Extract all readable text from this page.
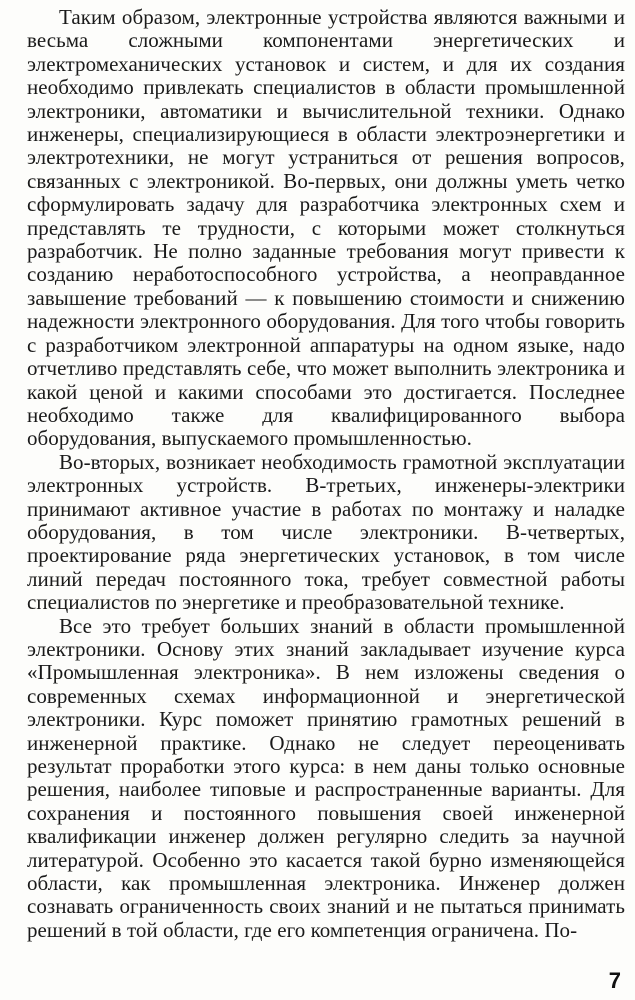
Таким образом, электронные устройства являются важными и весьма сложными компонентами энергетических и электромеханических установок и систем, и для их создания необходимо привлекать специалистов в области промышленной электроники, автоматики и вычислительной техники. Однако инженеры, специализирующиеся в области электроэнергетики и электротехники, не могут устраниться от решения вопросов, связанных с электроникой. Во-первых, они должны уметь четко сформулировать задачу для разработчика электронных схем и представлять те трудности, с которыми может столкнуться разработчик. Не полно заданные требования могут привести к созданию неработоспособного устройства, а неоправданное завышение требований — к повышению стоимости и снижению надежности электронного оборудования. Для того чтобы говорить с разработчиком электронной аппаратуры на одном языке, надо отчетливо представлять себе, что может выполнить электроника и какой ценой и какими способами это достигается. Последнее необходимо также для квалифицированного выбора оборудования, выпускаемого промышленностью.

Во-вторых, возникает необходимость грамотной эксплуатации электронных устройств. В-третьих, инженеры-электрики принимают активное участие в работах по монтажу и наладке оборудования, в том числе электроники. В-четвертых, проектирование ряда энергетических установок, в том числе линий передач постоянного тока, требует совместной работы специалистов по энергетике и преобразовательной технике.

Все это требует больших знаний в области промышленной электроники. Основу этих знаний закладывает изучение курса «Промышленная электроника». В нем изложены сведения о современных схемах информационной и энергетической электроники. Курс поможет принятию грамотных решений в инженерной практике. Однако не следует переоценивать результат проработки этого курса: в нем даны только основные решения, наиболее типовые и распространенные варианты. Для сохранения и постоянного повышения своей инженерной квалификации инженер должен регулярно следить за научной литературой. Особенно это касается такой бурно изменяющейся области, как промышленная электроника. Инженер должен сознавать ограниченность своих знаний и не пытаться принимать решений в той области, где его компетенция ограничена. По-

7
